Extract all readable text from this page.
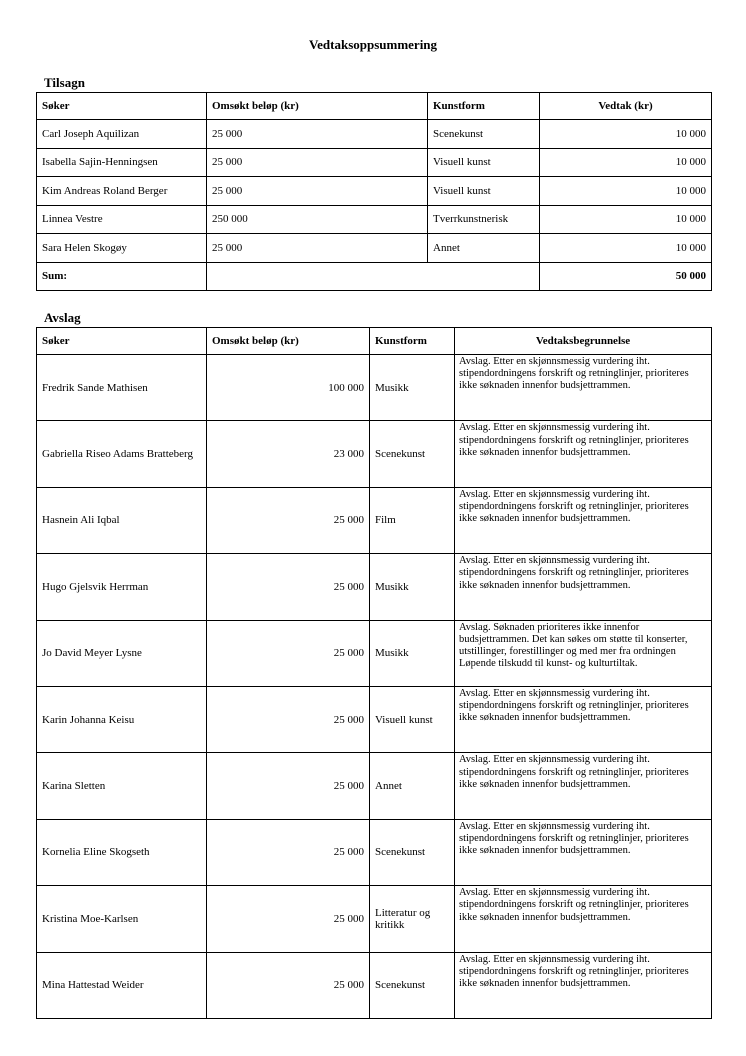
Vedtaksoppsummering
Tilsagn
Søker	Omsøkt beløp (kr)	Kunstform	Vedtak (kr)
Carl Joseph Aquilizan	25 000	Scenekunst	10 000
Isabella Sajin-Henningsen	25 000	Visuell kunst	10 000
Kim Andreas Roland Berger	25 000	Visuell kunst	10 000
Linnea Vestre	250 000	Tverrkunstnerisk	10 000
Sara Helen Skogøy	25 000	Annet	10 000
Sum:			50 000
Avslag
Søker	Omsøkt beløp (kr)	Kunstform	Vedtaksbegrunnelse
Fredrik Sande Mathisen	100 000	Musikk	Avslag. Etter en skjønnsmessig vurdering iht. stipendordningens forskrift og retninglinjer, prioriteres ikke søknaden innenfor budsjettrammen.
Gabriella Riseo Adams Bratteberg	23 000	Scenekunst	Avslag. Etter en skjønnsmessig vurdering iht. stipendordningens forskrift og retninglinjer, prioriteres ikke søknaden innenfor budsjettrammen.
Hasnein Ali Iqbal	25 000	Film	Avslag. Etter en skjønnsmessig vurdering iht. stipendordningens forskrift og retninglinjer, prioriteres ikke søknaden innenfor budsjettrammen.
Hugo Gjelsvik Herrman	25 000	Musikk	Avslag. Etter en skjønnsmessig vurdering iht. stipendordningens forskrift og retninglinjer, prioriteres ikke søknaden innenfor budsjettrammen.
Jo David Meyer Lysne	25 000	Musikk	Avslag. Søknaden prioriteres ikke innenfor budsjettrammen. Det kan søkes om støtte til konserter, utstillinger, forestillinger og med mer fra ordningen Løpende tilskudd til kunst- og kulturtiltak.
Karin Johanna Keisu	25 000	Visuell kunst	Avslag. Etter en skjønnsmessig vurdering iht. stipendordningens forskrift og retninglinjer, prioriteres ikke søknaden innenfor budsjettrammen.
Karina Sletten	25 000	Annet	Avslag. Etter en skjønnsmessig vurdering iht. stipendordningens forskrift og retninglinjer, prioriteres ikke søknaden innenfor budsjettrammen.
Kornelia Eline Skogseth	25 000	Scenekunst	Avslag. Etter en skjønnsmessig vurdering iht. stipendordningens forskrift og retninglinjer, prioriteres ikke søknaden innenfor budsjettrammen.
Kristina Moe-Karlsen	25 000	Litteratur og kritikk	Avslag. Etter en skjønnsmessig vurdering iht. stipendordningens forskrift og retninglinjer, prioriteres ikke søknaden innenfor budsjettrammen.
Mina Hattestad Weider	25 000	Scenekunst	Avslag. Etter en skjønnsmessig vurdering iht. stipendordningens forskrift og retninglinjer, prioriteres ikke søknaden innenfor budsjettrammen.
